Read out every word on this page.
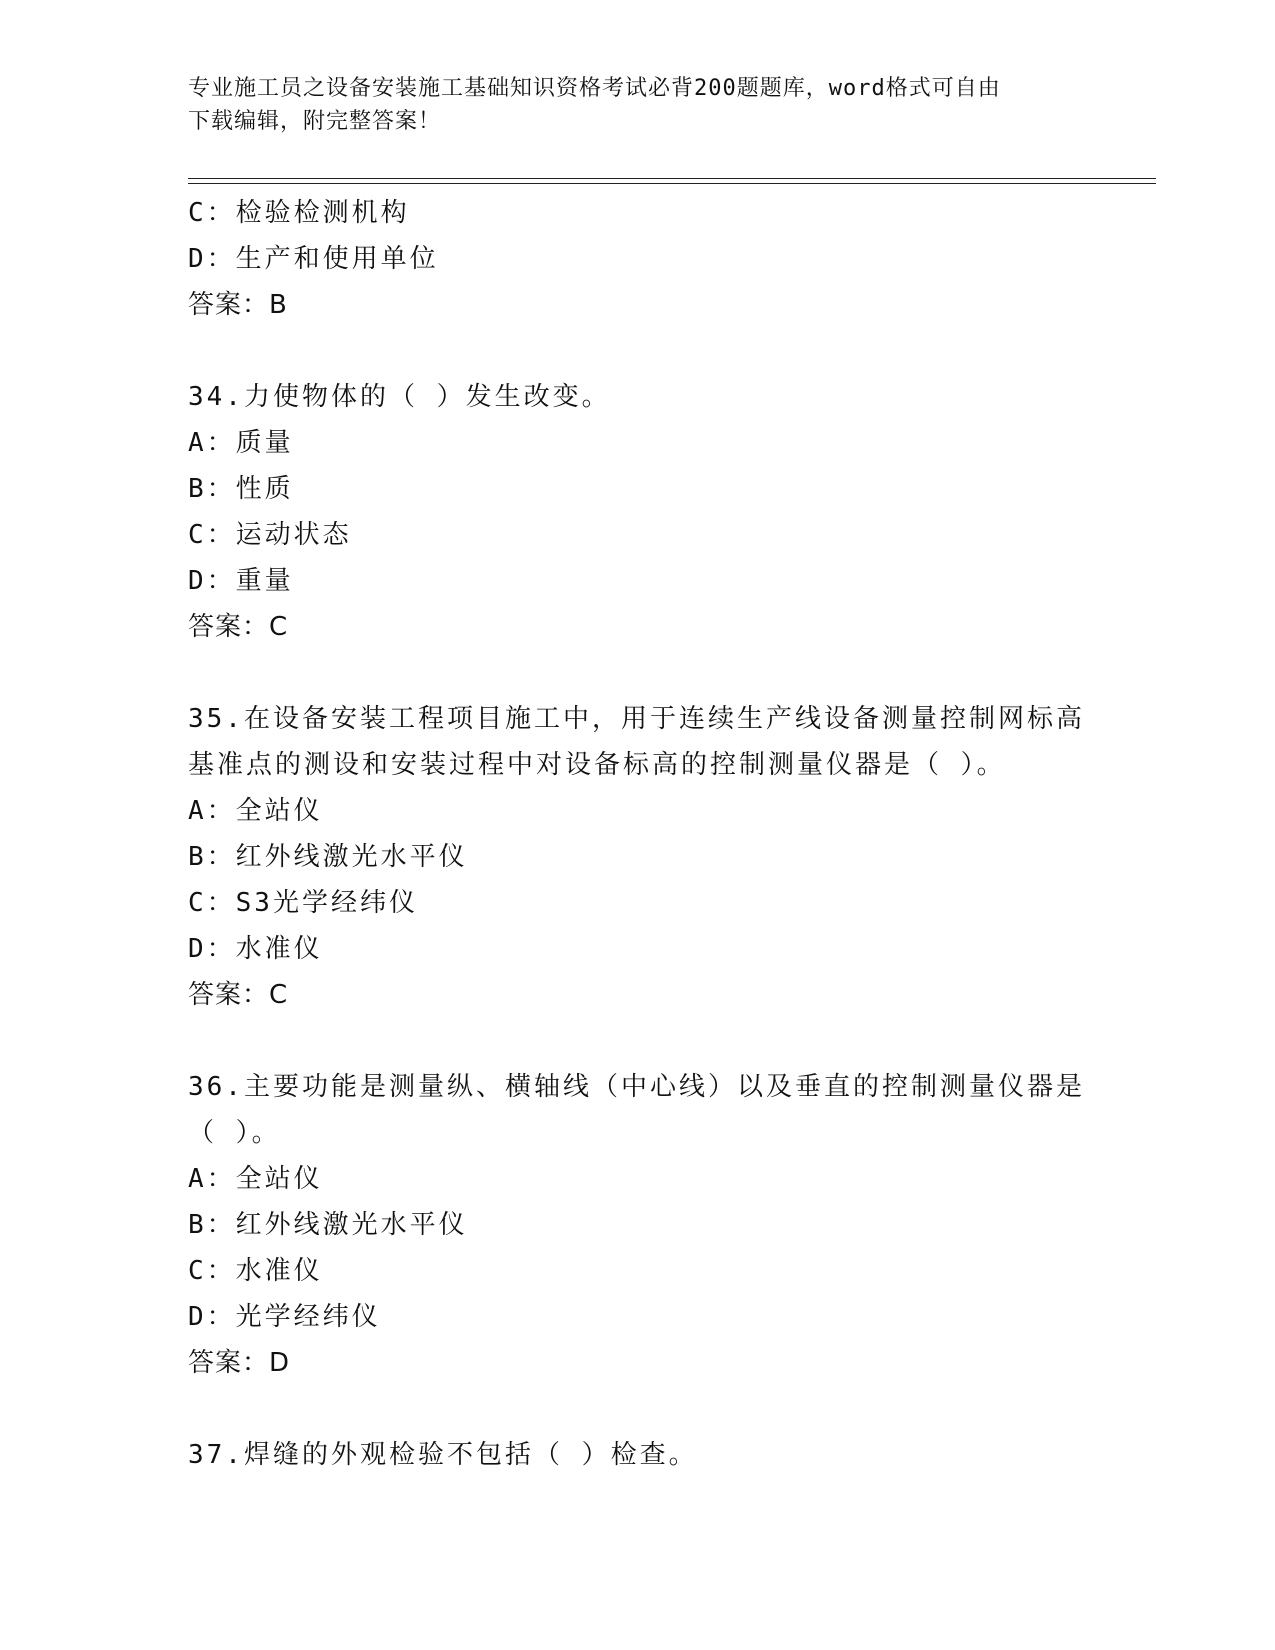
专业施工员之设备安装施工基础知识资格考试必背200题题库，word格式可自由
下载编辑，附完整答案！
C：检验检测机构
D：生产和使用单位
答案：B
34.力使物体的（ ）发生改变。
A：质量
B：性质
C：运动状态
D：重量
答案：C
35.在设备安装工程项目施工中，用于连续生产线设备测量控制网标高
基准点的测设和安装过程中对设备标高的控制测量仪器是（ ）。
A：全站仪
B：红外线激光水平仪
C：S3光学经纬仪
D：水准仪
答案：C
36.主要功能是测量纵、横轴线（中心线）以及垂直的控制测量仪器是
（ ）。
A：全站仪
B：红外线激光水平仪
C：水准仪
D：光学经纬仪
答案：D
37.焊缝的外观检验不包括（ ）检查。
